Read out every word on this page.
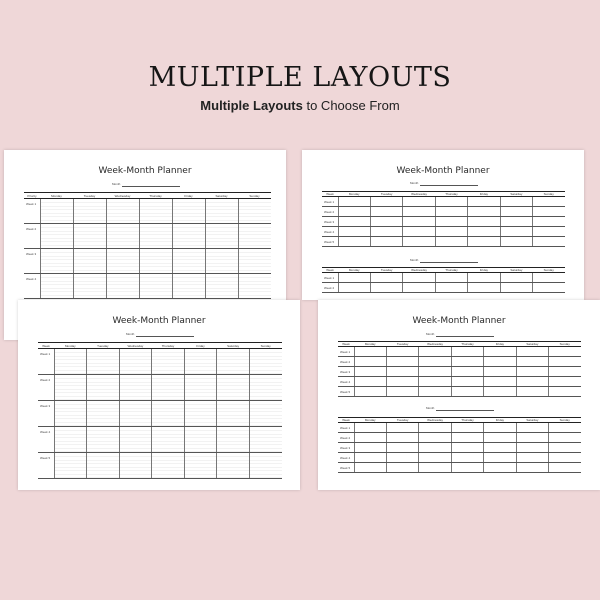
MULTIPLE LAYOUTS
Multiple Layouts to Choose From
Week-Month Planner
Month
Priority	Monday	Tuesday	Wednesday	Thursday	Friday	Saturday	Sunday
Week 1							
Week 2							
Week 3							
Week 4							
Week-Month Planner
Month
Week	Monday	Tuesday	Wednesday	Thursday	Friday	Saturday	Sunday
Week 1							
Week 2							
Week 3							
Week 4							
Week 5							
Month
Week	Monday	Tuesday	Wednesday	Thursday	Friday	Saturday	Sunday
Week 1							
Week 2							
Week-Month Planner
Month
Week	Monday	Tuesday	Wednesday	Thursday	Friday	Saturday	Sunday
Week 1							
Week 2							
Week 3							
Week 4							
Week 5							
Week-Month Planner
Month
Week	Monday	Tuesday	Wednesday	Thursday	Friday	Saturday	Sunday
Week 1							
Week 2							
Week 3							
Week 4							
Week 5							
Month
Week	Monday	Tuesday	Wednesday	Thursday	Friday	Saturday	Sunday
Week 1							
Week 2							
Week 3							
Week 4							
Week 5							
